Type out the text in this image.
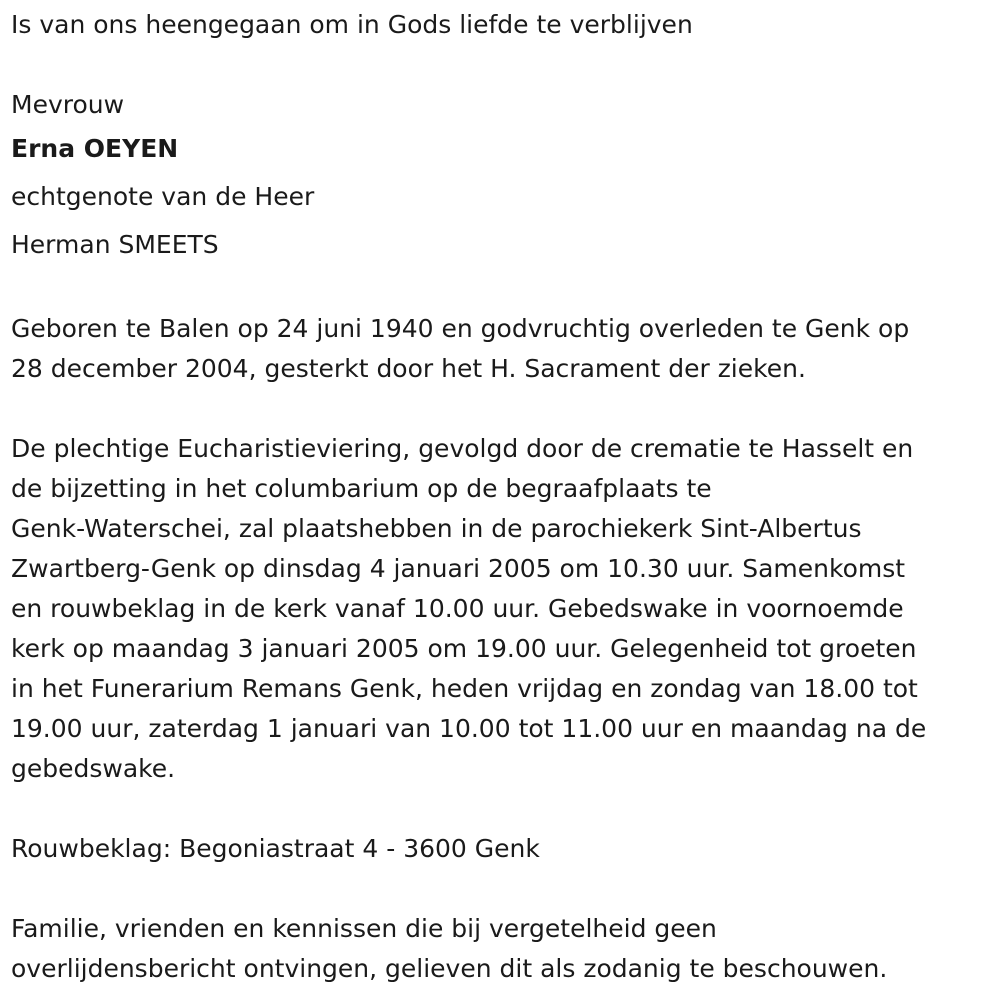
Is van ons heengegaan om in Gods liefde te verblijven

Mevrouw

Erna OEYEN

echtgenote van de Heer

Herman SMEETS

Geboren te Balen op 24 juni 1940 en godvruchtig overleden te Genk op

28 december 2004, gesterkt door het H. Sacrament der zieken.

De plechtige Eucharistieviering, gevolgd door de crematie te Hasselt en

de bijzetting in het columbarium op de begraafplaats te

Genk-Waterschei, zal plaatshebben in de parochiekerk Sint-Albertus

Zwartberg-Genk op dinsdag 4 januari 2005 om 10.30 uur. Samenkomst

en rouwbeklag in de kerk vanaf 10.00 uur. Gebedswake in voornoemde

kerk op maandag 3 januari 2005 om 19.00 uur. Gelegenheid tot groeten

in het Funerarium Remans Genk, heden vrijdag en zondag van 18.00 tot

19.00 uur, zaterdag 1 januari van 10.00 tot 11.00 uur en maandag na de

gebedswake.

Rouwbeklag: Begoniastraat 4 - 3600 Genk

Familie, vrienden en kennissen die bij vergetelheid geen

overlijdensbericht ontvingen, gelieven dit als zodanig te beschouwen.
